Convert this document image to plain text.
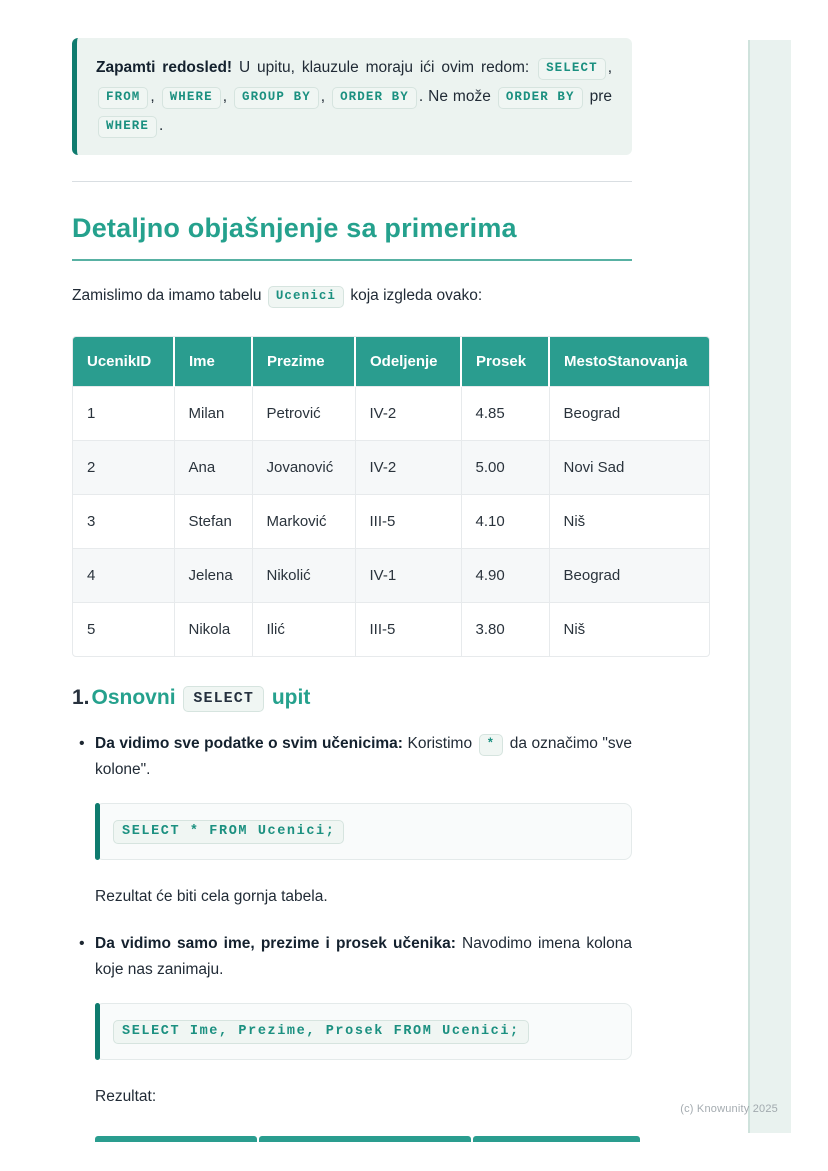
(c) Knowunity 2025
Zapamti redosled! U upitu, klauzule moraju ići ovim redom: SELECT , FROM , WHERE , GROUP BY , ORDER BY . Ne može ORDER BY pre WHERE .
Detaljno objašnjenje sa primerima

Zamislimo da imamo tabelu Ucenici koja izgleda ovako:

UcenikID	Ime	Prezime	Odeljenje	Prosek	MestoStanovanja
1	Milan	Petrović	IV-2	4.85	Beograd
2	Ana	Jovanović	IV-2	5.00	Novi Sad
3	Stefan	Marković	III-5	4.10	Niš
4	Jelena	Nikolić	IV-1	4.90	Beograd
5	Nikola	Ilić	III-5	3.80	Niš
1.Osnovni SELECT upit
• Da vidimo sve podatke o svim učenicima: Koristimo * da označimo "sve kolone".
SELECT * FROM Ucenici;

Rezultat će biti cela gornja tabela.

• Da vidimo samo ime, prezime i prosek učenika: Navodimo imena kolona koje nas zanimaju.
SELECT Ime, Prezime, Prosek FROM Ucenici;

Rezultat:
